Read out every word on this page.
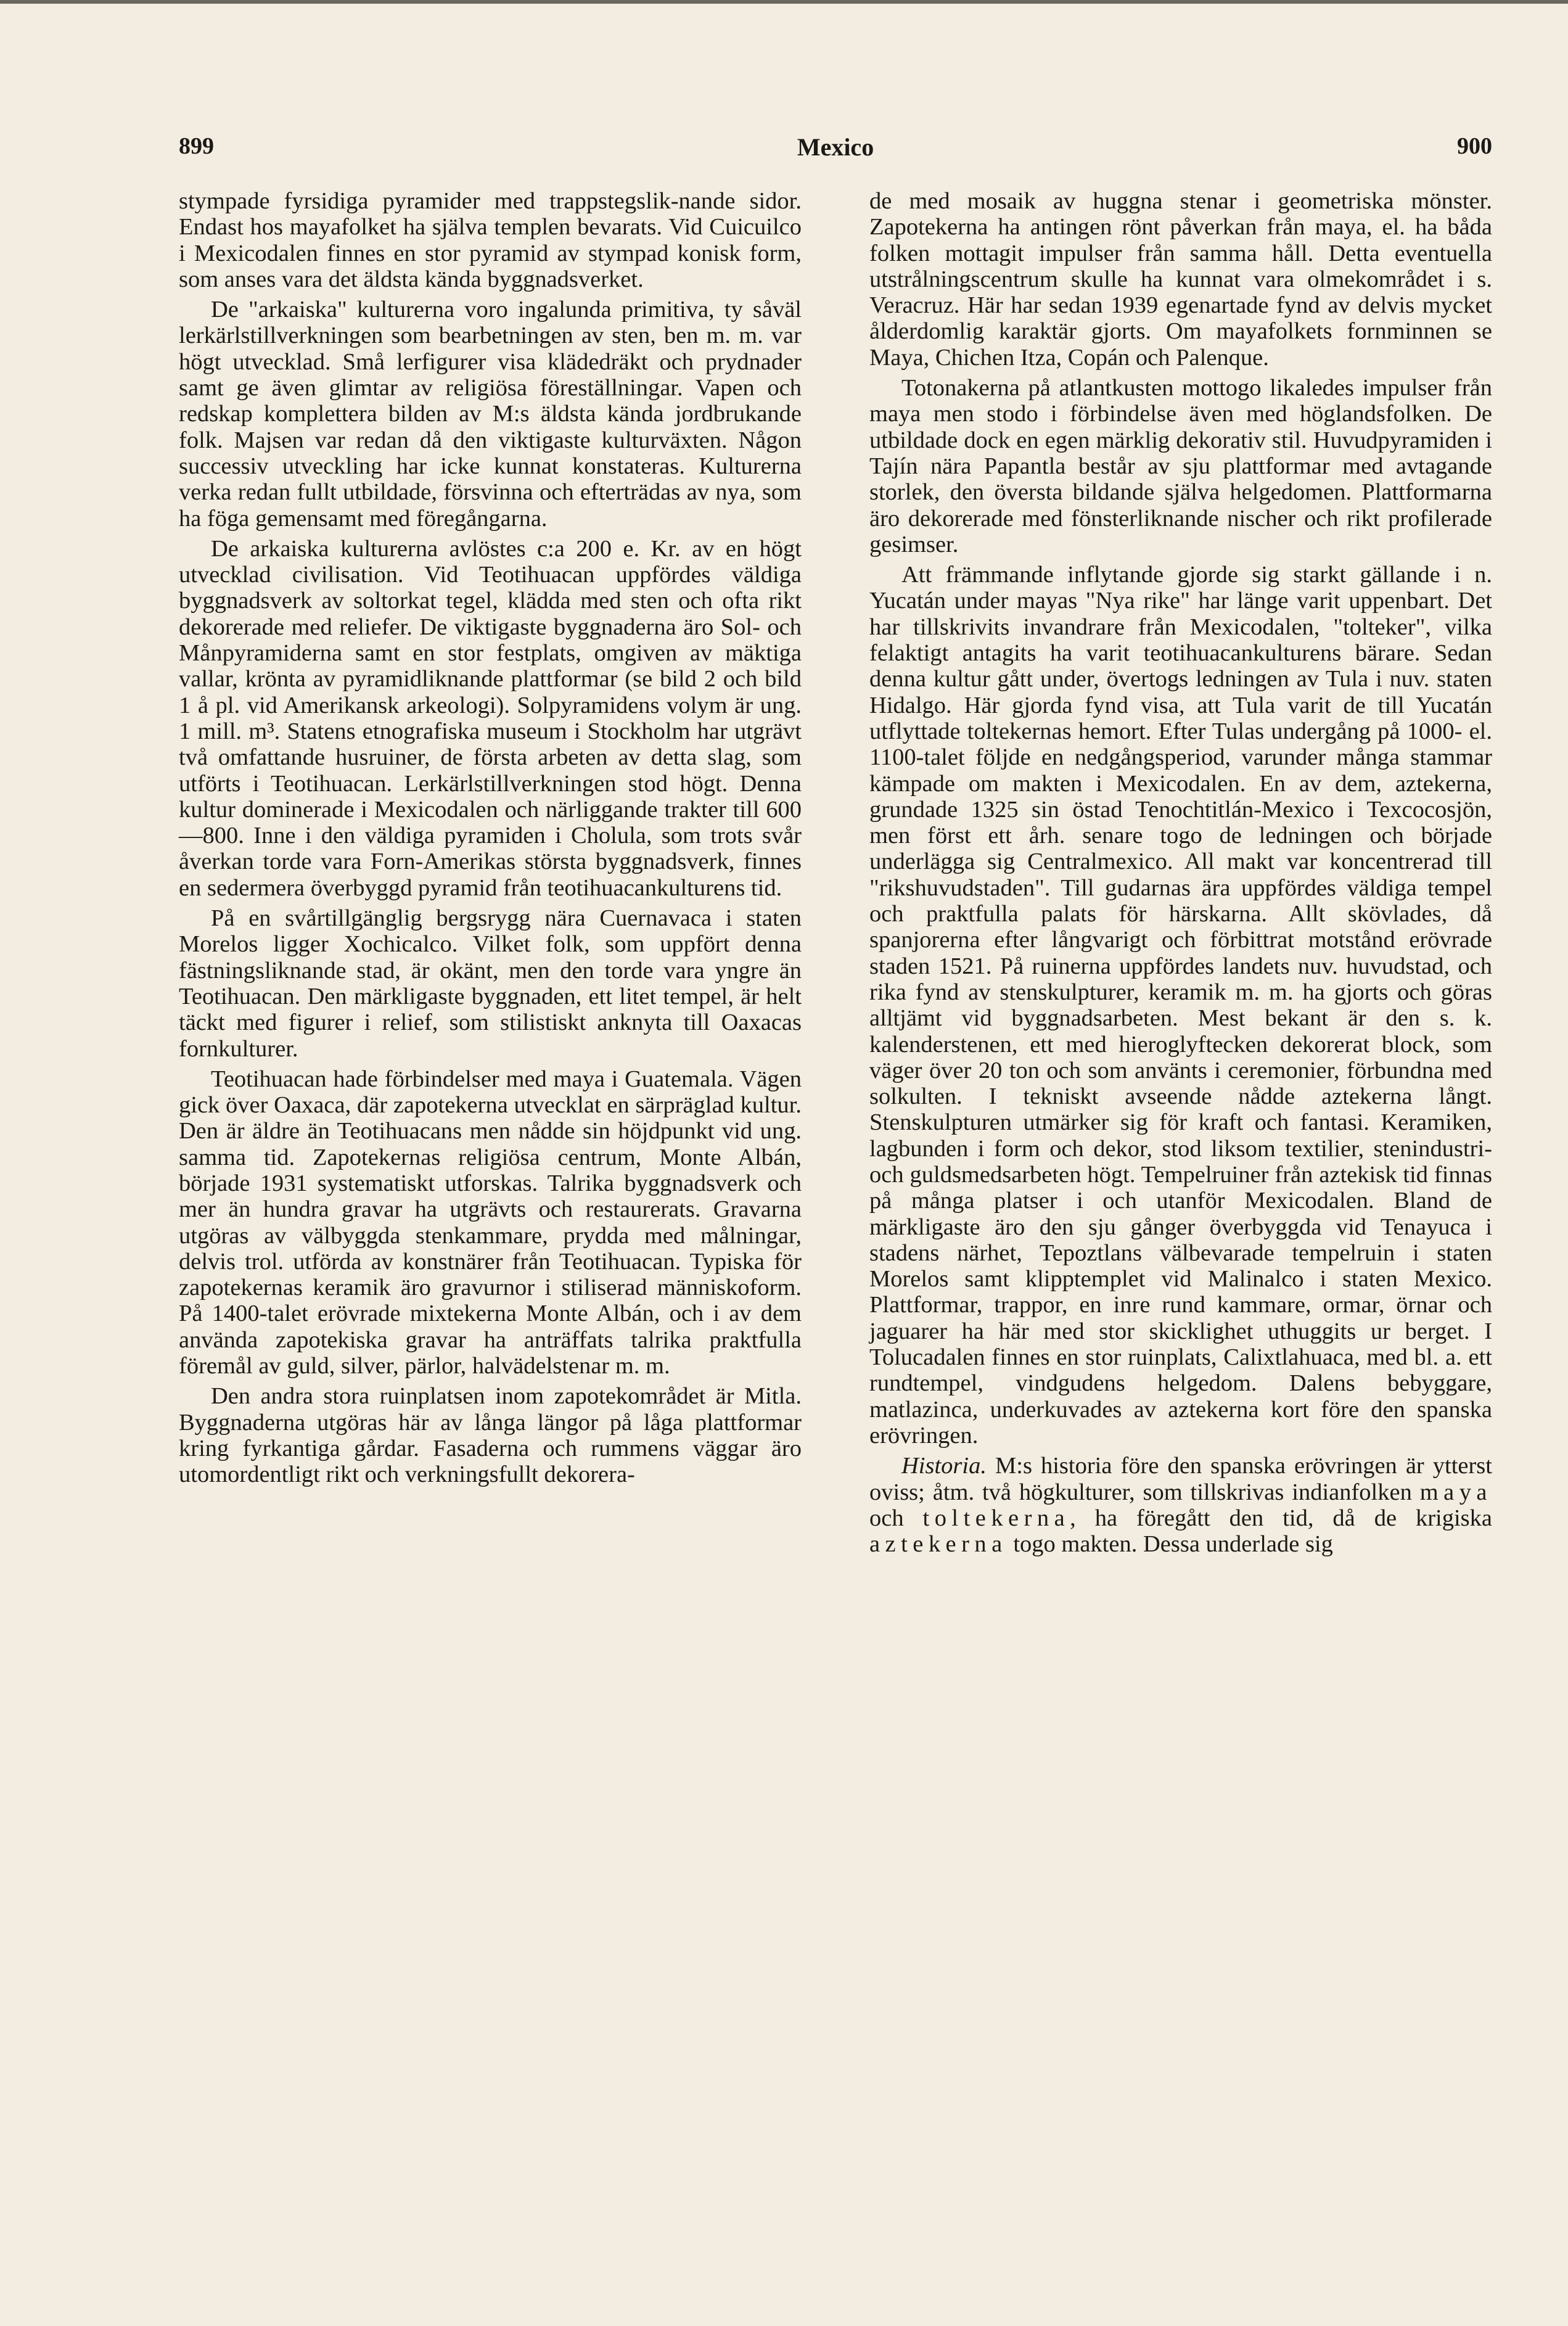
899	Mexico	900

stympade fyrsidiga pyramider med trappstegslik-nande sidor. Endast hos mayafolket ha själva templen bevarats. Vid Cuicuilco i Mexicodalen finnes en stor pyramid av stympad konisk form, som anses vara det äldsta kända byggnadsverket.

De "arkaiska" kulturerna voro ingalunda primitiva, ty såväl lerkärlstillverkningen som bearbetningen av sten, ben m. m. var högt utvecklad. Små lerfigurer visa klädedräkt och prydnader samt ge även glimtar av religiösa föreställningar. Vapen och redskap komplettera bilden av M:s äldsta kända jordbrukande folk. Majsen var redan då den viktigaste kulturväxten. Någon successiv utveckling har icke kunnat konstateras. Kulturerna verka redan fullt utbildade, försvinna och efterträdas av nya, som ha föga gemensamt med föregångarna.

De arkaiska kulturerna avlöstes c:a 200 e. Kr. av en högt utvecklad civilisation. Vid Teotihuacan uppfördes väldiga byggnadsverk av soltorkat tegel, klädda med sten och ofta rikt dekorerade med reliefer. De viktigaste byggnaderna äro Sol- och Månpyramiderna samt en stor festplats, omgiven av mäktiga vallar, krönta av pyramidliknande plattformar (se bild 2 och bild 1 å pl. vid Amerikansk arkeologi). Solpyramidens volym är ung. 1 mill. m³. Statens etnografiska museum i Stockholm har utgrävt två omfattande husruiner, de första arbeten av detta slag, som utförts i Teotihuacan. Lerkärlstillverkningen stod högt. Denna kultur dominerade i Mexicodalen och närliggande trakter till 600—800. Inne i den väldiga pyramiden i Cholula, som trots svår åverkan torde vara Forn-Amerikas största byggnadsverk, finnes en sedermera överbyggd pyramid från teotihuacankulturens tid.

På en svårtillgänglig bergsrygg nära Cuernavaca i staten Morelos ligger Xochicalco. Vilket folk, som uppfört denna fästningsliknande stad, är okänt, men den torde vara yngre än Teotihuacan. Den märkligaste byggnaden, ett litet tempel, är helt täckt med figurer i relief, som stilistiskt anknyta till Oaxacas fornkulturer.

Teotihuacan hade förbindelser med maya i Guatemala. Vägen gick över Oaxaca, där zapotekerna utvecklat en särpräglad kultur. Den är äldre än Teotihuacans men nådde sin höjdpunkt vid ung. samma tid. Zapotekernas religiösa centrum, Monte Albán, började 1931 systematiskt utforskas. Talrika byggnadsverk och mer än hundra gravar ha utgrävts och restaurerats. Gravarna utgöras av välbyggda stenkammare, prydda med målningar, delvis trol. utförda av konstnärer från Teotihuacan. Typiska för zapotekernas keramik äro gravurnor i stiliserad människoform. På 1400-talet erövrade mixtekerna Monte Albán, och i av dem använda zapotekiska gravar ha anträffats talrika praktfulla föremål av guld, silver, pärlor, halvädelstenar m. m.

Den andra stora ruinplatsen inom zapotekområdet är Mitla. Byggnaderna utgöras här av långa längor på låga plattformar kring fyrkantiga gårdar. Fasaderna och rummens väggar äro utomordentligt rikt och verkningsfullt dekorera-

de med mosaik av huggna stenar i geometriska mönster. Zapotekerna ha antingen rönt påverkan från maya, el. ha båda folken mottagit impulser från samma håll. Detta eventuella utstrålningscentrum skulle ha kunnat vara olmekområdet i s. Veracruz. Här har sedan 1939 egenartade fynd av delvis mycket ålderdomlig karaktär gjorts. Om mayafolkets fornminnen se Maya, Chichen Itza, Copán och Palenque.

Totonakerna på atlantkusten mottogo likaledes impulser från maya men stodo i förbindelse även med höglandsfolken. De utbildade dock en egen märklig dekorativ stil. Huvudpyramiden i Tajín nära Papantla består av sju plattformar med avtagande storlek, den översta bildande själva helgedomen. Plattformarna äro dekorerade med fönsterliknande nischer och rikt profilerade gesimser.

Att främmande inflytande gjorde sig starkt gällande i n. Yucatán under mayas "Nya rike" har länge varit uppenbart. Det har tillskrivits invandrare från Mexicodalen, "tolteker", vilka felaktigt antagits ha varit teotihuacankulturens bärare. Sedan denna kultur gått under, övertogs ledningen av Tula i nuv. staten Hidalgo. Här gjorda fynd visa, att Tula varit de till Yucatán utflyttade toltekernas hemort. Efter Tulas undergång på 1000- el. 1100-talet följde en nedgångsperiod, varunder många stammar kämpade om makten i Mexicodalen. En av dem, aztekerna, grundade 1325 sin östad Tenochtitlán-Mexico i Texcocosjön, men först ett årh. senare togo de ledningen och började underlägga sig Centralmexico. All makt var koncentrerad till "rikshuvudstaden". Till gudarnas ära uppfördes väldiga tempel och praktfulla palats för härskarna. Allt skövlades, då spanjorerna efter långvarigt och förbittrat motstånd erövrade staden 1521. På ruinerna uppfördes landets nuv. huvudstad, och rika fynd av stenskulpturer, keramik m. m. ha gjorts och göras alltjämt vid byggnadsarbeten. Mest bekant är den s. k. kalenderstenen, ett med hieroglyftecken dekorerat block, som väger över 20 ton och som använts i ceremonier, förbundna med solkulten. I tekniskt avseende nådde aztekerna långt. Stenskulpturen utmärker sig för kraft och fantasi. Keramiken, lagbunden i form och dekor, stod liksom textilier, stenindustri- och guldsmedsarbeten högt. Tempelruiner från aztekisk tid finnas på många platser i och utanför Mexicodalen. Bland de märkligaste äro den sju gånger överbyggda vid Tenayuca i stadens närhet, Tepoztlans välbevarade tempelruin i staten Morelos samt klipptemplet vid Malinalco i staten Mexico. Plattformar, trappor, en inre rund kammare, ormar, örnar och jaguarer ha här med stor skicklighet uthuggits ur berget. I Tolucadalen finnes en stor ruinplats, Calixtlahuaca, med bl. a. ett rundtempel, vindgudens helgedom. Dalens bebyggare, matlazinca, underkuvades av aztekerna kort före den spanska erövringen.

Historia. M:s historia före den spanska erövringen är ytterst oviss; åtm. två högkulturer, som tillskrivas indianfolken maya och toltekerna, ha föregått den tid, då de krigiska aztekerna togo makten. Dessa underlade sig
